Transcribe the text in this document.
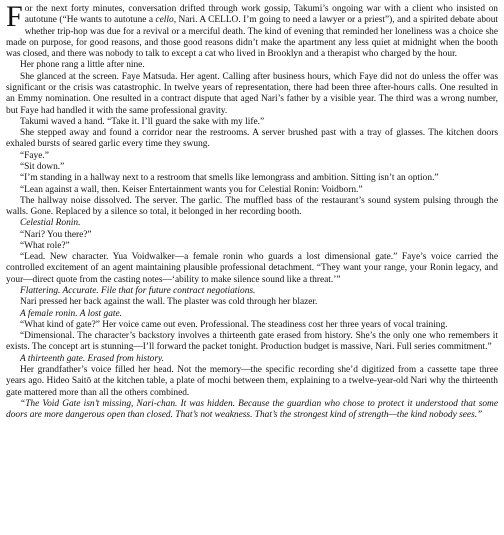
For the next forty minutes, conversation drifted through work gossip, Takumi’s ongoing war with a client who insisted on autotune (“He wants to autotune a cello, Nari. A CELLO. I’m going to need a lawyer or a priest”), and a spirited debate about whether trip-hop was due for a revival or a merciful death. The kind of evening that reminded her loneliness was a choice she made on purpose, for good reasons, and those good reasons didn’t make the apartment any less quiet at midnight when the booth was closed, and there was nobody to talk to except a cat who lived in Brooklyn and a therapist who charged by the hour.

Her phone rang a little after nine.

She glanced at the screen. Faye Matsuda. Her agent. Calling after business hours, which Faye did not do unless the offer was significant or the crisis was catastrophic. In twelve years of representation, there had been three after-hours calls. One resulted in an Emmy nomination. One resulted in a contract dispute that aged Nari’s father by a visible year. The third was a wrong number, but Faye had handled it with the same professional gravity.

Takumi waved a hand. “Take it. I’ll guard the sake with my life.”

She stepped away and found a corridor near the restrooms. A server brushed past with a tray of glasses. The kitchen doors exhaled bursts of seared garlic every time they swung.

“Faye.”

“Sit down.”

“I’m standing in a hallway next to a restroom that smells like lemongrass and ambition. Sitting isn’t an option.”

“Lean against a wall, then. Keiser Entertainment wants you for Celestial Ronin: Voidborn.”

The hallway noise dissolved. The server. The garlic. The muffled bass of the restaurant’s sound system pulsing through the walls. Gone. Replaced by a silence so total, it belonged in her recording booth.

Celestial Ronin.

“Nari? You there?”

“What role?”

“Lead. New character. Yua Voidwalker—a female ronin who guards a lost dimensional gate.” Faye’s voice carried the controlled excitement of an agent maintaining plausible professional detachment. “They want your range, your Ronin legacy, and your—direct quote from the casting notes—‘ability to make silence sound like a threat.’”

Flattering. Accurate. File that for future contract negotiations.

Nari pressed her back against the wall. The plaster was cold through her blazer.

A female ronin. A lost gate.

“What kind of gate?” Her voice came out even. Professional. The steadiness cost her three years of vocal training.

“Dimensional. The character’s backstory involves a thirteenth gate erased from history. She’s the only one who remembers it exists. The concept art is stunning—I’ll forward the packet tonight. Production budget is massive, Nari. Full series commitment.”

A thirteenth gate. Erased from history.

Her grandfather’s voice filled her head. Not the memory—the specific recording she’d digitized from a cassette tape three years ago. Hideo Saitō at the kitchen table, a plate of mochi between them, explaining to a twelve-year-old Nari why the thirteenth gate mattered more than all the others combined.

“The Void Gate isn’t missing, Nari-chan. It was hidden. Because the guardian who chose to protect it understood that some doors are more dangerous open than closed. That’s not weakness. That’s the strongest kind of strength—the kind nobody sees.”
